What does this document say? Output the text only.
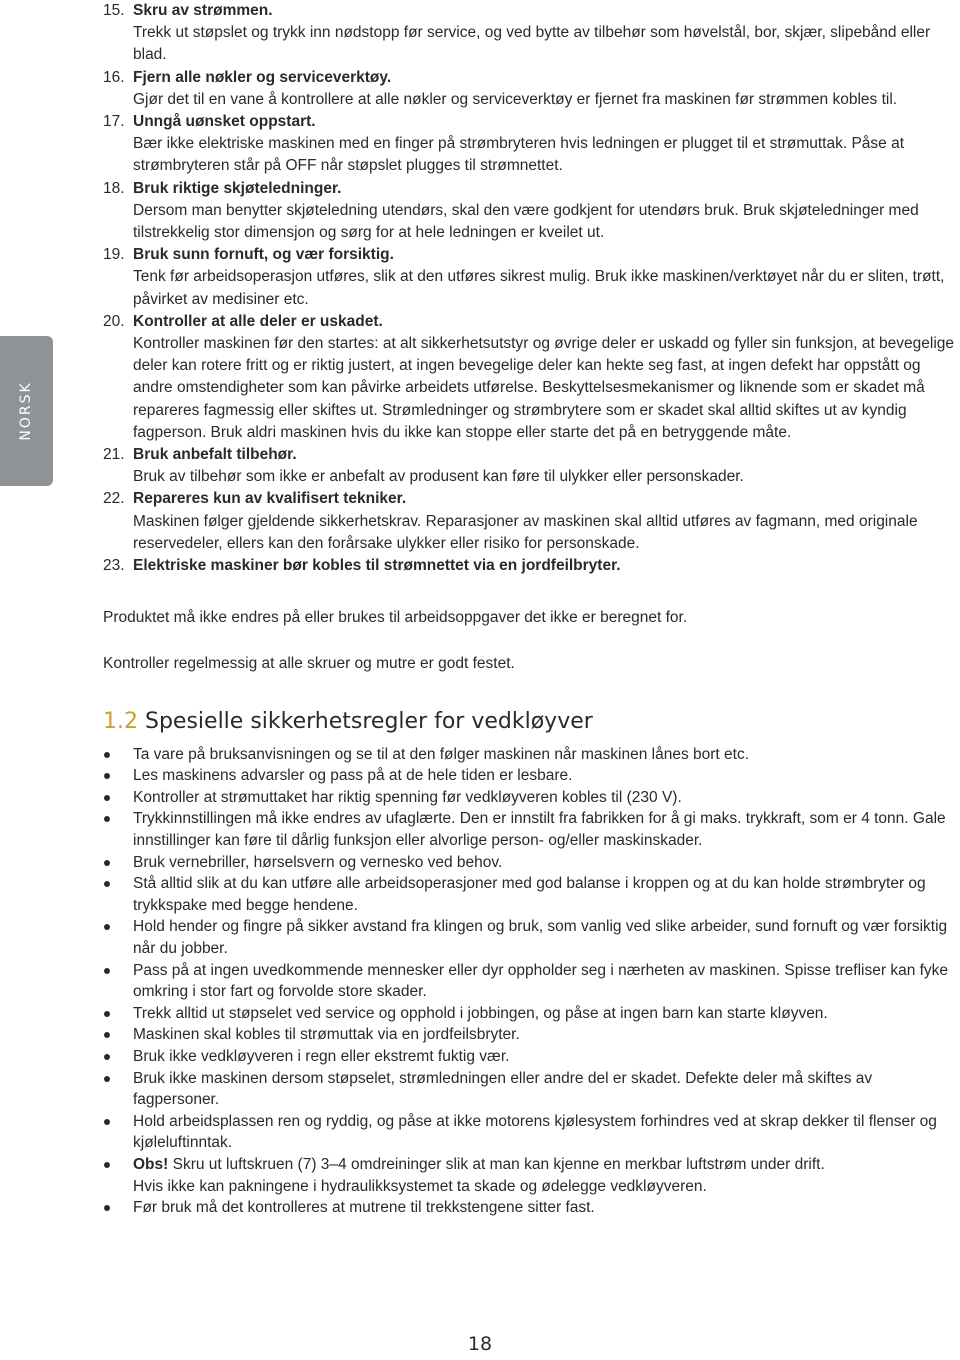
NORSK
15. Skru av strømmen.
Trekk ut støpslet og trykk inn nødstopp før service, og ved bytte av tilbehør som høvelstål, bor, skjær, slipebånd eller blad.
16. Fjern alle nøkler og serviceverktøy.
Gjør det til en vane å kontrollere at alle nøkler og serviceverktøy er fjernet fra maskinen før strømmen kobles til.
17. Unngå uønsket oppstart.
Bær ikke elektriske maskinen med en finger på strømbryteren hvis ledningen er plugget til et strømuttak. Påse at strømbryteren står på OFF når støpslet plugges til strømnettet.
18. Bruk riktige skjøteledninger.
Dersom man benytter skjøteledning utendørs, skal den være godkjent for utendørs bruk. Bruk skjøteledninger med tilstrekkelig stor dimensjon og sørg for at hele ledningen er kveilet ut.
19. Bruk sunn fornuft, og vær forsiktig.
Tenk før arbeidsoperasjon utføres, slik at den utføres sikrest mulig. Bruk ikke maskinen/verktøyet når du er sliten, trøtt, påvirket av medisiner etc.
20. Kontroller at alle deler er uskadet.
Kontroller maskinen før den startes: at alt sikkerhetsutstyr og øvrige deler er uskadd og fyller sin funksjon, at bevegelige deler kan rotere fritt og er riktig justert, at ingen bevegelige deler kan hekte seg fast, at ingen defekt har oppstått og andre omstendigheter som kan påvirke arbeidets utførelse. Beskyttelsesmekanismer og liknende som er skadet må repareres fagmessig eller skiftes ut. Strømledninger og strømbrytere som er skadet skal alltid skiftes ut av kyndig fagperson. Bruk aldri maskinen hvis du ikke kan stoppe eller starte det på en betryggende måte.
21. Bruk anbefalt tilbehør.
Bruk av tilbehør som ikke er anbefalt av produsent kan føre til ulykker eller personskader.
22. Repareres kun av kvalifisert tekniker.
Maskinen følger gjeldende sikkerhetskrav. Reparasjoner av maskinen skal alltid utføres av fagmann, med originale reservedeler, ellers kan den forårsake ulykker eller risiko for personskade.
23. Elektriske maskiner bør kobles til strømnettet via en jordfeilbryter.

Produktet må ikke endres på eller brukes til arbeidsoppgaver det ikke er beregnet for.

Kontroller regelmessig at alle skruer og mutre er godt festet.

1.2 Spesielle sikkerhetsregler for vedkløyver
Ta vare på bruksanvisningen og se til at den følger maskinen når maskinen lånes bort etc.
Les maskinens advarsler og pass på at de hele tiden er lesbare.
Kontroller at strømuttaket har riktig spenning før vedkløyveren kobles til (230 V).
Trykkinnstillingen må ikke endres av ufaglærte. Den er innstilt fra fabrikken for å gi maks. trykkraft, som er 4 tonn. Gale innstillinger kan føre til dårlig funksjon eller alvorlige person- og/eller maskinskader.
Bruk vernebriller, hørselsvern og vernesko ved behov.
Stå alltid slik at du kan utføre alle arbeidsoperasjoner med god balanse i kroppen og at du kan holde strømbryter og trykkspake med begge hendene.
Hold hender og fingre på sikker avstand fra klingen og bruk, som vanlig ved slike arbeider, sund fornuft og vær forsiktig når du jobber.
Pass på at ingen uvedkommende mennesker eller dyr oppholder seg i nærheten av maskinen. Spisse trefliser kan fyke omkring i stor fart og forvolde store skader.
Trekk alltid ut støpselet ved service og opphold i jobbingen, og påse at ingen barn kan starte kløyven.
Maskinen skal kobles til strømuttak via en jordfeilsbryter.
Bruk ikke vedkløyveren i regn eller ekstremt fuktig vær.
Bruk ikke maskinen dersom støpselet, strømledningen eller andre del er skadet. Defekte deler må skiftes av fagpersoner.
Hold arbeidsplassen ren og ryddig, og påse at ikke motorens kjølesystem forhindres ved at skrap dekker til flenser og kjøleluftinntak.
Obs! Skru ut luftskruen (7) 3–4 omdreininger slik at man kan kjenne en merkbar luftstrøm under drift.
Hvis ikke kan pakningene i hydraulikksystemet ta skade og ødelegge vedkløyveren.
Før bruk må det kontrolleres at mutrene til trekkstengene sitter fast.
18
